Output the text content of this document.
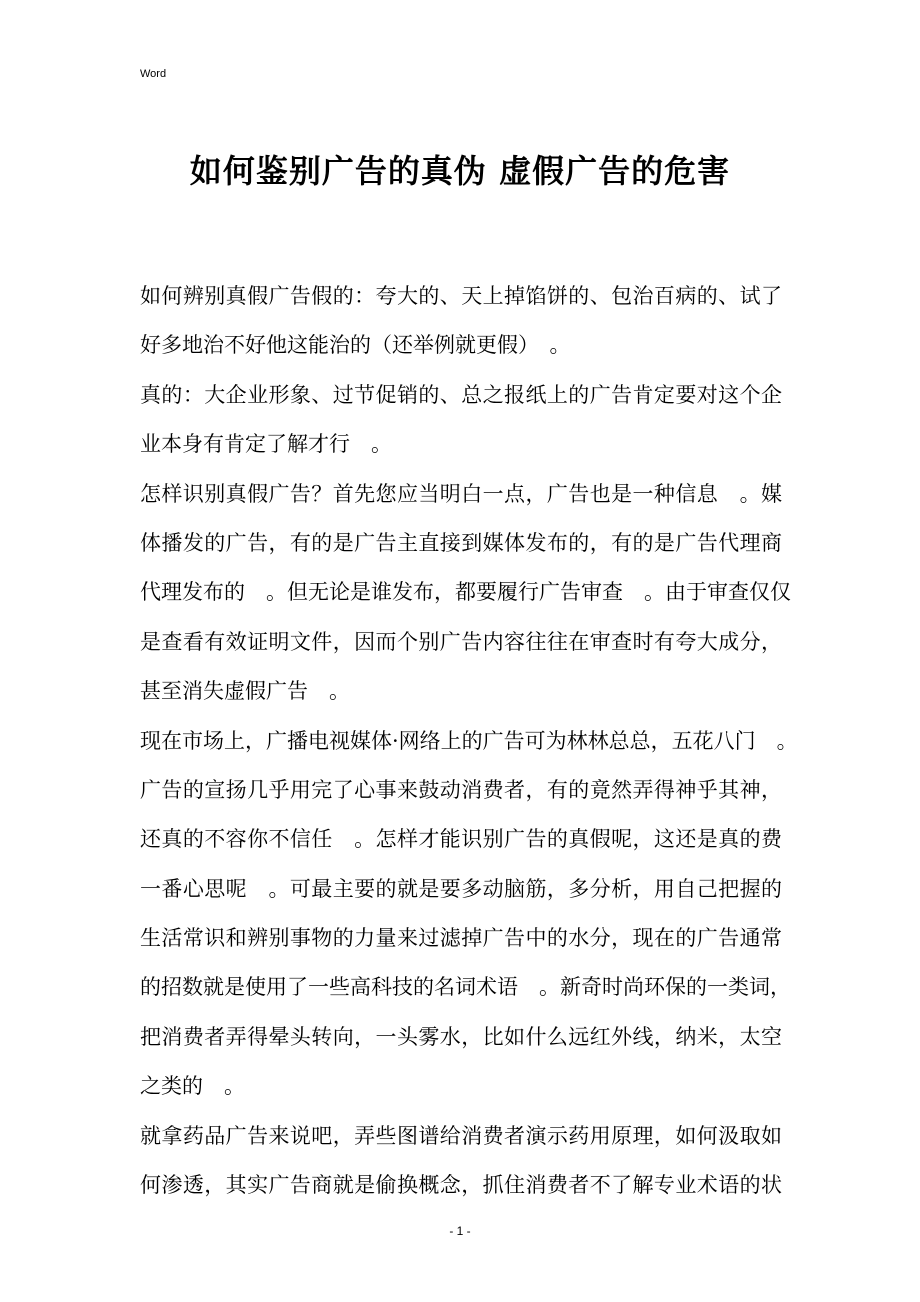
Word
如何鉴别广告的真伪 虚假广告的危害
如何辨别真假广告假的：夸大的、天上掉馅饼的、包治百病的、试了
好多地治不好他这能治的（还举例就更假）　。
真的：大企业形象、过节促销的、总之报纸上的广告肯定要对这个企
业本身有肯定了解才行　。
怎样识别真假广告？首先您应当明白一点，广告也是一种信息　。媒
体播发的广告，有的是广告主直接到媒体发布的，有的是广告代理商
代理发布的　。但无论是谁发布，都要履行广告审查　。由于审查仅仅
是查看有效证明文件，因而个别广告内容往往在审查时有夸大成分，
甚至消失虚假广告　。
现在市场上，广播电视媒体·网络上的广告可为林林总总，五花八门　。
广告的宣扬几乎用完了心事来鼓动消费者，有的竟然弄得神乎其神，
还真的不容你不信任　。怎样才能识别广告的真假呢，这还是真的费
一番心思呢　。可最主要的就是要多动脑筋，多分析，用自己把握的
生活常识和辨别事物的力量来过滤掉广告中的水分，现在的广告通常
的招数就是使用了一些高科技的名词术语　。新奇时尚环保的一类词，
把消费者弄得晕头转向，一头雾水，比如什么远红外线，纳米，太空
之类的　。
就拿药品广告来说吧，弄些图谱给消费者演示药用原理，如何汲取如
何渗透，其实广告商就是偷换概念，抓住消费者不了解专业术语的状
- 1 -
